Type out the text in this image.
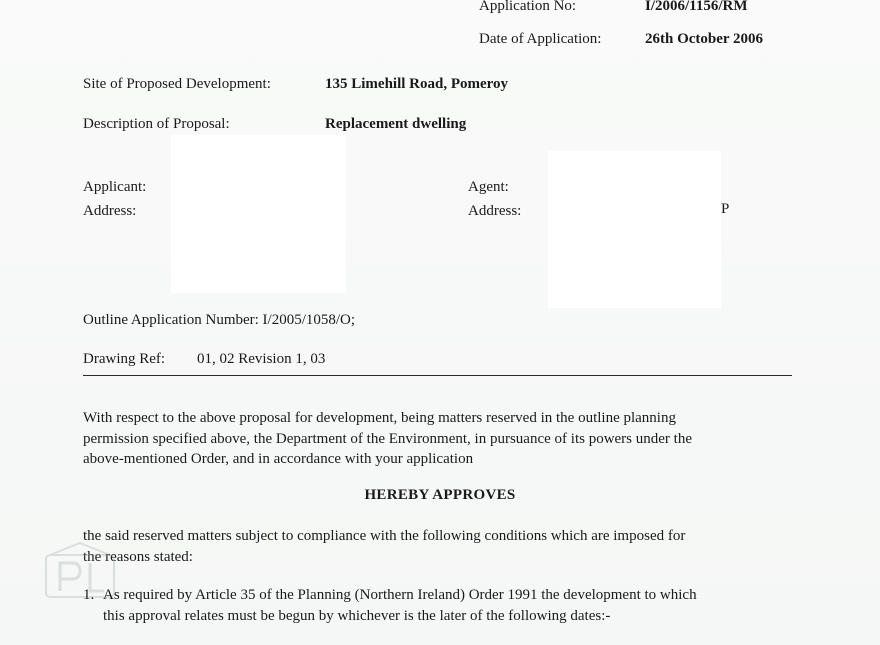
Application No:	I/2006/1156/RM
Date of Application:	26th October 2006
Site of Proposed Development:	135 Limehill Road, Pomeroy
Description of Proposal:	Replacement dwelling
Applicant:
Address:
Agent:
Address:	P
Outline Application Number: I/2005/1058/O;
Drawing Ref: 01, 02 Revision 1, 03
With respect to the above proposal for development, being matters reserved in the outline planning
permission specified above, the Department of the Environment, in pursuance of its powers under the
above-mentioned Order, and in accordance with your application
HEREBY APPROVES
the said reserved matters subject to compliance with the following conditions which are imposed for
the reasons stated:
1. As required by Article 35 of the Planning (Northern Ireland) Order 1991 the development to which
this approval relates must be begun by whichever is the later of the following dates:-
